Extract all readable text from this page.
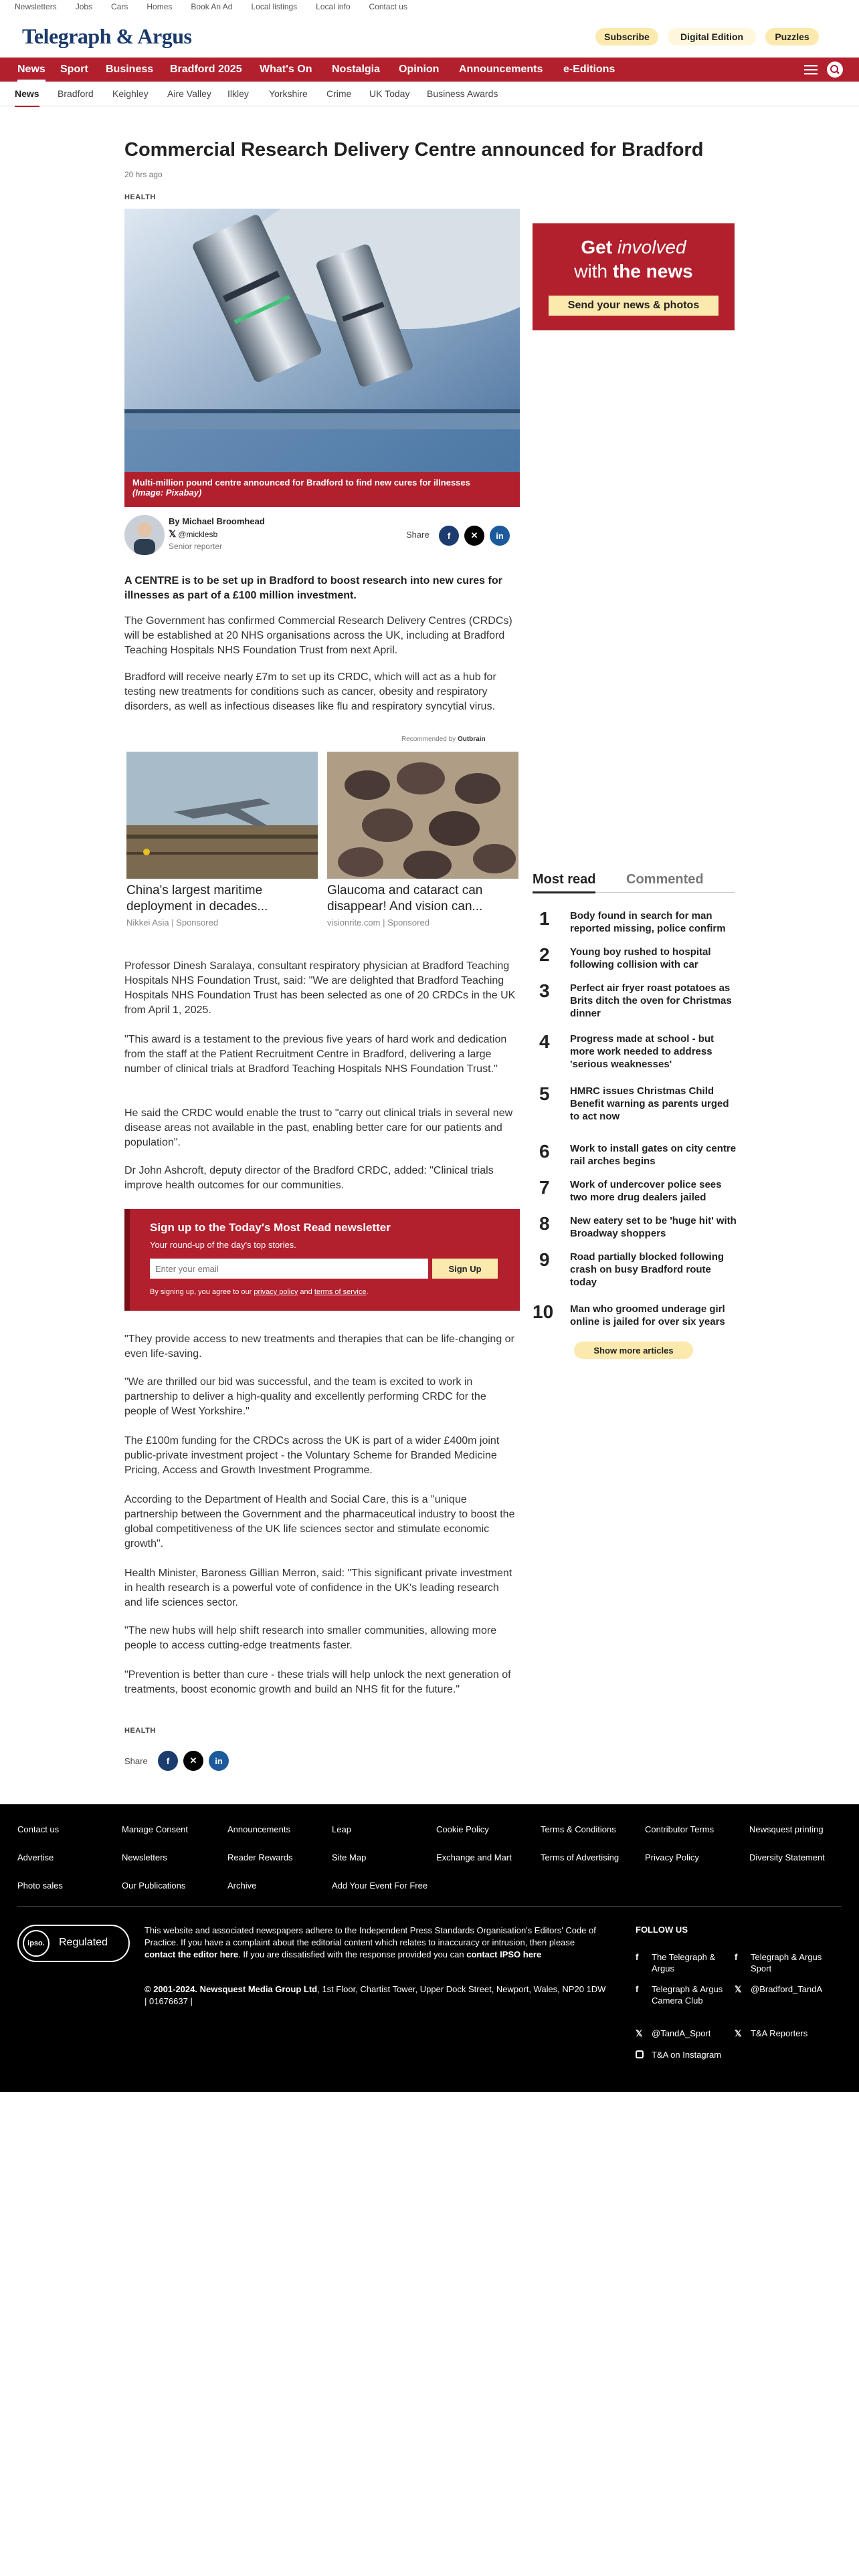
Newsletters Jobs Cars Homes Book An Ad Local listings Local info Contact us
Telegraph & Argus	Subscribe	Digital Edition	Puzzles
News Sport Business Bradford 2025 What's On Nostalgia Opinion Announcements e-Editions
News Bradford Keighley Aire Valley Ilkley Yorkshire Crime UK Today Business Awards
Commercial Research Delivery Centre announced for Bradford
20 hrs ago
HEALTH
Multi-million pound centre announced for Bradford to find new cures for illnesses
(Image: Pixabay)
By Michael Broomhead
𝕏 @micklesb
Senior reporter
Share	f	✕	in
A CENTRE is to be set up in Bradford to boost research into new cures for illnesses as part of a £100 million investment.
The Government has confirmed Commercial Research Delivery Centres (CRDCs) will be established at 20 NHS organisations across the UK, including at Bradford Teaching Hospitals NHS Foundation Trust from next April.
Bradford will receive nearly £7m to set up its CRDC, which will act as a hub for testing new treatments for conditions such as cancer, obesity and respiratory disorders, as well as infectious diseases like flu and respiratory syncytial virus.
Recommended by Outbrain
China's largest maritime deployment in decades...
Nikkei Asia | Sponsored
Glaucoma and cataract can disappear! And vision can...
visionrite.com | Sponsored
Professor Dinesh Saralaya, consultant respiratory physician at Bradford Teaching Hospitals NHS Foundation Trust, said: "We are delighted that Bradford Teaching Hospitals NHS Foundation Trust has been selected as one of 20 CRDCs in the UK from April 1, 2025.
"This award is a testament to the previous five years of hard work and dedication from the staff at the Patient Recruitment Centre in Bradford, delivering a large number of clinical trials at Bradford Teaching Hospitals NHS Foundation Trust."
He said the CRDC would enable the trust to "carry out clinical trials in several new disease areas not available in the past, enabling better care for our patients and population".
Dr John Ashcroft, deputy director of the Bradford CRDC, added: "Clinical trials improve health outcomes for our communities.
Sign up to the Today's Most Read newsletter
Your round-up of the day's top stories.
Enter your email
Sign Up
By signing up, you agree to our privacy policy and terms of service.
"They provide access to new treatments and therapies that can be life-changing or even life-saving.
"We are thrilled our bid was successful, and the team is excited to work in partnership to deliver a high-quality and excellently performing CRDC for the people of West Yorkshire."
The £100m funding for the CRDCs across the UK is part of a wider £400m joint public-private investment project - the Voluntary Scheme for Branded Medicine Pricing, Access and Growth Investment Programme.
According to the Department of Health and Social Care, this is a "unique partnership between the Government and the pharmaceutical industry to boost the global competitiveness of the UK life sciences sector and stimulate economic growth".
Health Minister, Baroness Gillian Merron, said: "This significant private investment in health research is a powerful vote of confidence in the UK's leading research and life sciences sector.
"The new hubs will help shift research into smaller communities, allowing more people to access cutting-edge treatments faster.
"Prevention is better than cure - these trials will help unlock the next generation of treatments, boost economic growth and build an NHS fit for the future."
HEALTH
Share	f	✕	in
Get involved
with the news
Send your news & photos
Most read Commented
1 Body found in search for man reported missing, police confirm
2 Young boy rushed to hospital following collision with car
3 Perfect air fryer roast potatoes as Brits ditch the oven for Christmas dinner
4 Progress made at school - but more work needed to address 'serious weaknesses'
5 HMRC issues Christmas Child Benefit warning as parents urged to act now
6 Work to install gates on city centre rail arches begins
7 Work of undercover police sees two more drug dealers jailed
8 New eatery set to be 'huge hit' with Broadway shoppers
9 Road partially blocked following crash on busy Bradford route today
10 Man who groomed underage girl online is jailed for over six years
Show more articles
Contact us	Manage Consent	Announcements	Leap	Cookie Policy	Terms & Conditions	Contributor Terms	Newsquest printing
Advertise	Newsletters	Reader Rewards	Site Map	Exchange and Mart	Terms of Advertising	Privacy Policy	Diversity Statement
Photo sales	Our Publications	Archive	Add Your Event For Free
ipso.	Regulated
This website and associated newspapers adhere to the Independent Press Standards Organisation's Editors' Code of Practice. If you have a complaint about the editorial content which relates to inaccuracy or intrusion, then please contact the editor here. If you are dissatisfied with the response provided you can contact IPSO here
© 2001-2024. Newsquest Media Group Ltd, 1st Floor, Chartist Tower, Upper Dock Street, Newport, Wales, NP20 1DW | 01676637 |
FOLLOW US
f The Telegraph & Argus
f Telegraph & Argus Sport
f Telegraph & Argus Camera Club
𝕏 @Bradford_TandA
𝕏 @TandA_Sport	𝕏 T&A Reporters
T&A on Instagram
